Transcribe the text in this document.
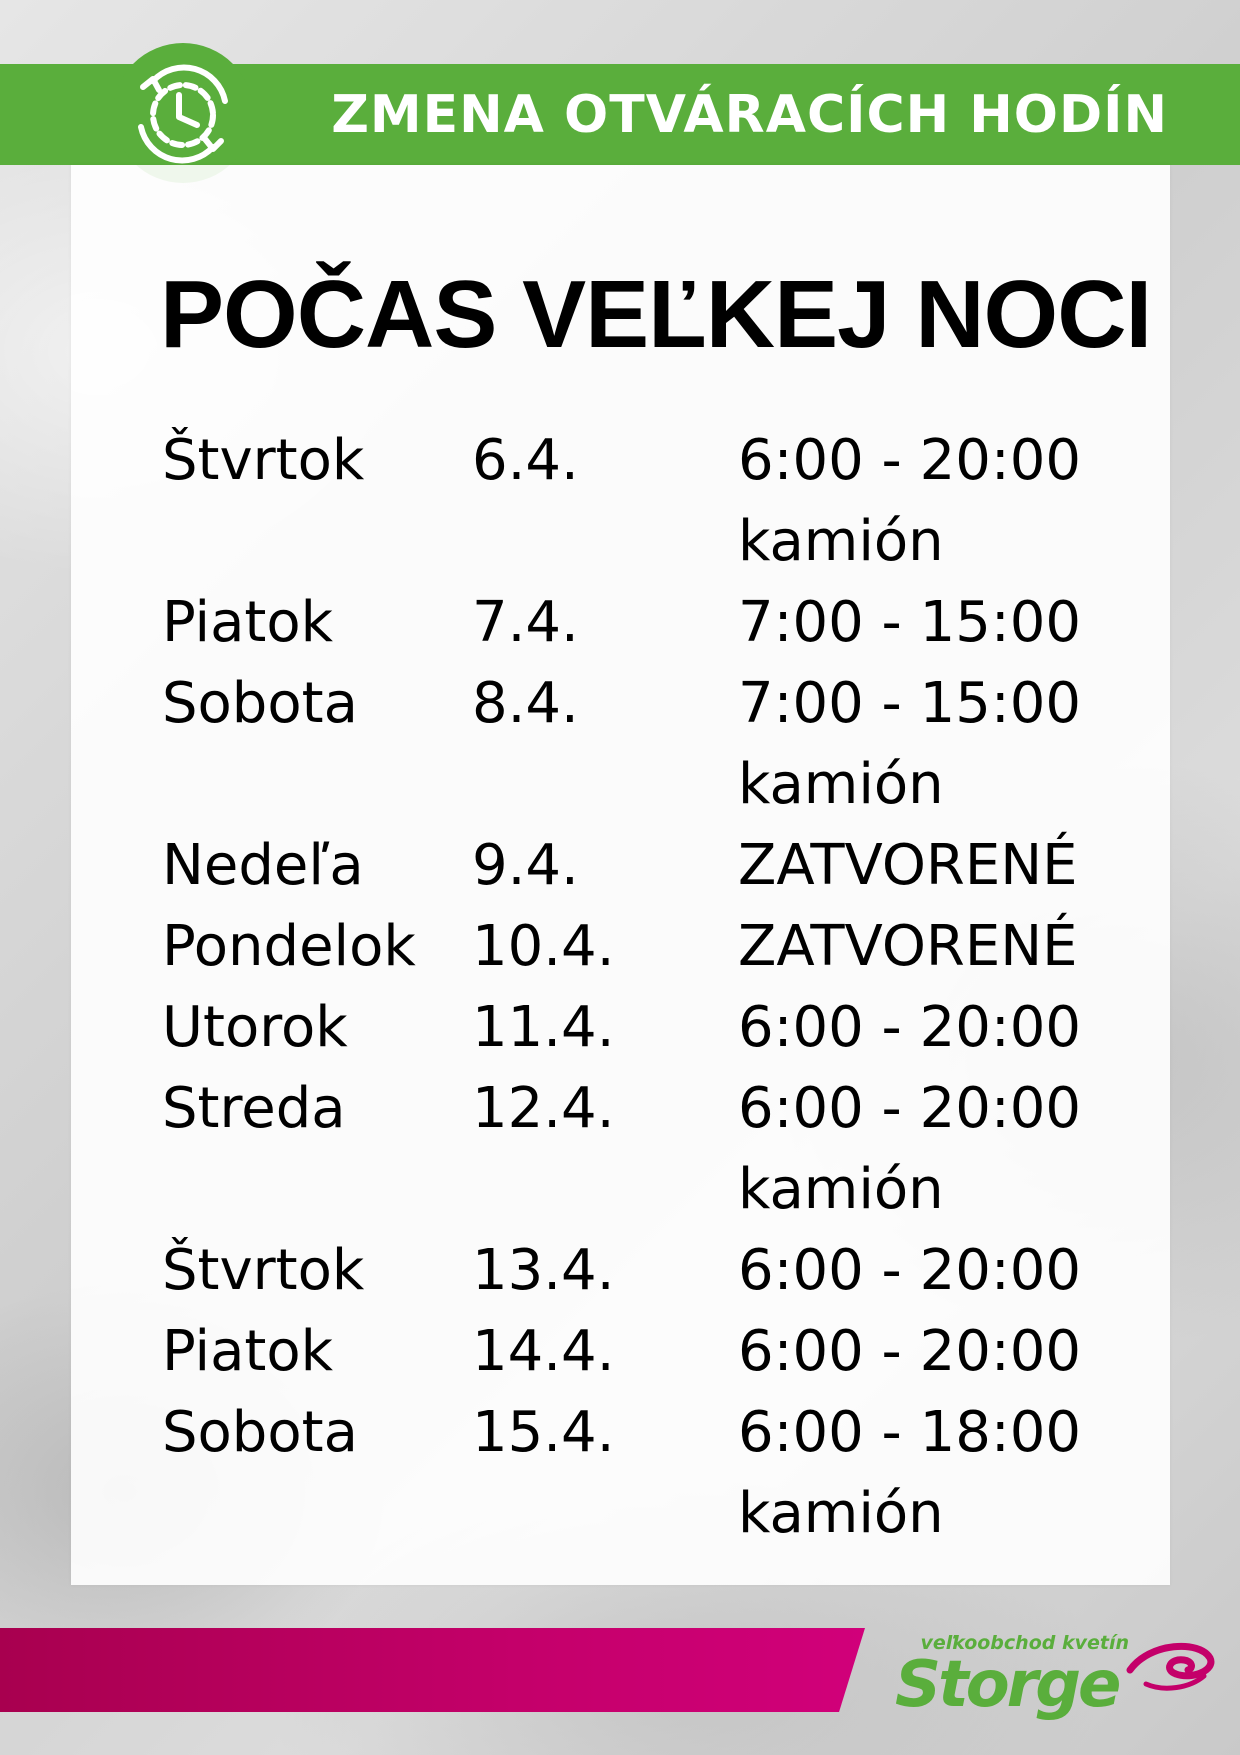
ZMENA OTVÁRACÍCH HODÍN
POČAS VEĽKEJ NOCI
Štvrtok 6.4.	6:00 - 20:00
kamión
Piatok 7.4.	7:00 - 15:00
Sobota 8.4.	7:00 - 15:00
kamión
Nedeľa 9.4.	ZATVORENÉ
Pondelok 10.4. ZATVORENÉ
Utorok 11.4. 6:00 - 20:00
Streda 12.4. 6:00 - 20:00
kamión
Štvrtok 13.4. 6:00 - 20:00
Piatok 14.4. 6:00 - 20:00
Sobota 15.4. 6:00 - 18:00
kamión
veľkoobchod kvetín
Storge
